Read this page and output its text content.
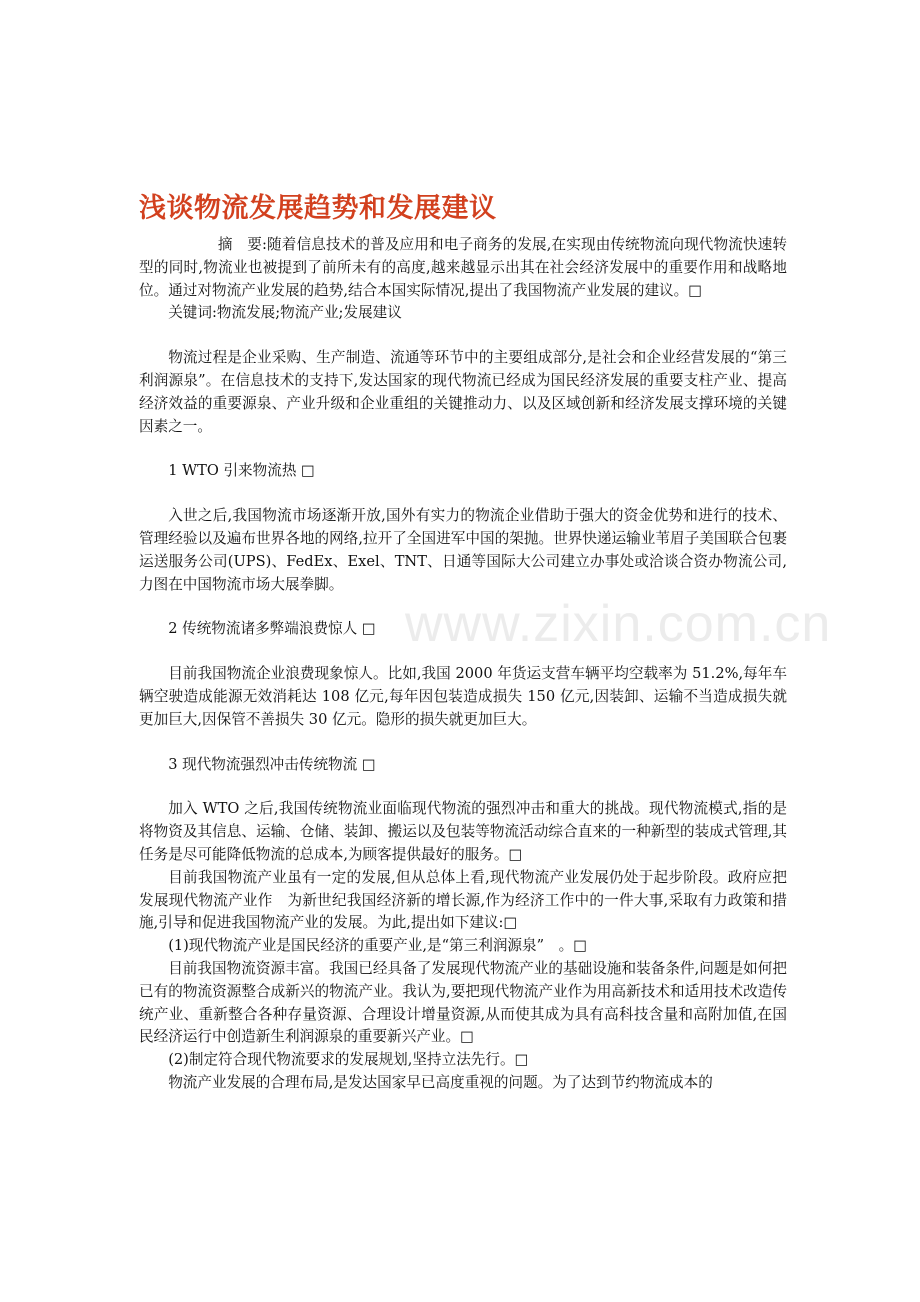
浅谈物流发展趋势和发展建议

摘　要:随着信息技术的普及应用和电子商务的发展,在实现由传统物流向现代物流快速转型的同时,物流业也被提到了前所未有的高度,越来越显示出其在社会经济发展中的重要作用和战略地位。通过对物流产业发展的趋势,结合本国实际情况,提出了我国物流产业发展的建议。□

关键词:物流发展;物流产业;发展建议

物流过程是企业采购、生产制造、流通等环节中的主要组成部分,是社会和企业经营发展的“第三利润源泉”。在信息技术的支持下,发达国家的现代物流已经成为国民经济发展的重要支柱产业、提高经济效益的重要源泉、产业升级和企业重组的关键推动力、以及区域创新和经济发展支撑环境的关键因素之一。

1 WTO 引来物流热 □

入世之后,我国物流市场逐渐开放,国外有实力的物流企业借助于强大的资金优势和进行的技术、管理经验以及遍布世界各地的网络,拉开了全国进军中国的架抛。世界快递运输业苇眉子美国联合包裹运送服务公司(UPS)、FedEx、Exel、TNT、日通等国际大公司建立办事处或洽谈合资办物流公司,力图在中国物流市场大展拳脚。

2 传统物流诸多弊端浪费惊人 □

目前我国物流企业浪费现象惊人。比如,我国 2000 年货运支营车辆平均空载率为 51.2%,每年车辆空驶造成能源无效消耗达 108 亿元,每年因包装造成损失 150 亿元,因装卸、运输不当造成损失就更加巨大,因保管不善损失 30 亿元。隐形的损失就更加巨大。

3 现代物流强烈冲击传统物流 □

加入 WTO 之后,我国传统物流业面临现代物流的强烈冲击和重大的挑战。现代物流模式,指的是将物资及其信息、运输、仓储、装卸、搬运以及包装等物流活动综合直来的一种新型的装成式管理,其任务是尽可能降低物流的总成本,为顾客提供最好的服务。□

目前我国物流产业虽有一定的发展,但从总体上看,现代物流产业发展仍处于起步阶段。政府应把发展现代物流产业作　为新世纪我国经济新的增长源,作为经济工作中的一件大事,采取有力政策和措施,引导和促进我国物流产业的发展。为此,提出如下建议:□

(1)现代物流产业是国民经济的重要产业,是“第三利润源泉”　。□

目前我国物流资源丰富。我国已经具备了发展现代物流产业的基础设施和装备条件,问题是如何把已有的物流资源整合成新兴的物流产业。我认为,要把现代物流产业作为用高新技术和适用技术改造传统产业、重新整合各种存量资源、合理设计增量资源,从而使其成为具有高科技含量和高附加值,在国民经济运行中创造新生利润源泉的重要新兴产业。□

(2)制定符合现代物流要求的发展规划,坚持立法先行。□

物流产业发展的合理布局,是发达国家早已高度重视的问题。为了达到节约物流成本的

www.zixin.com.cn
